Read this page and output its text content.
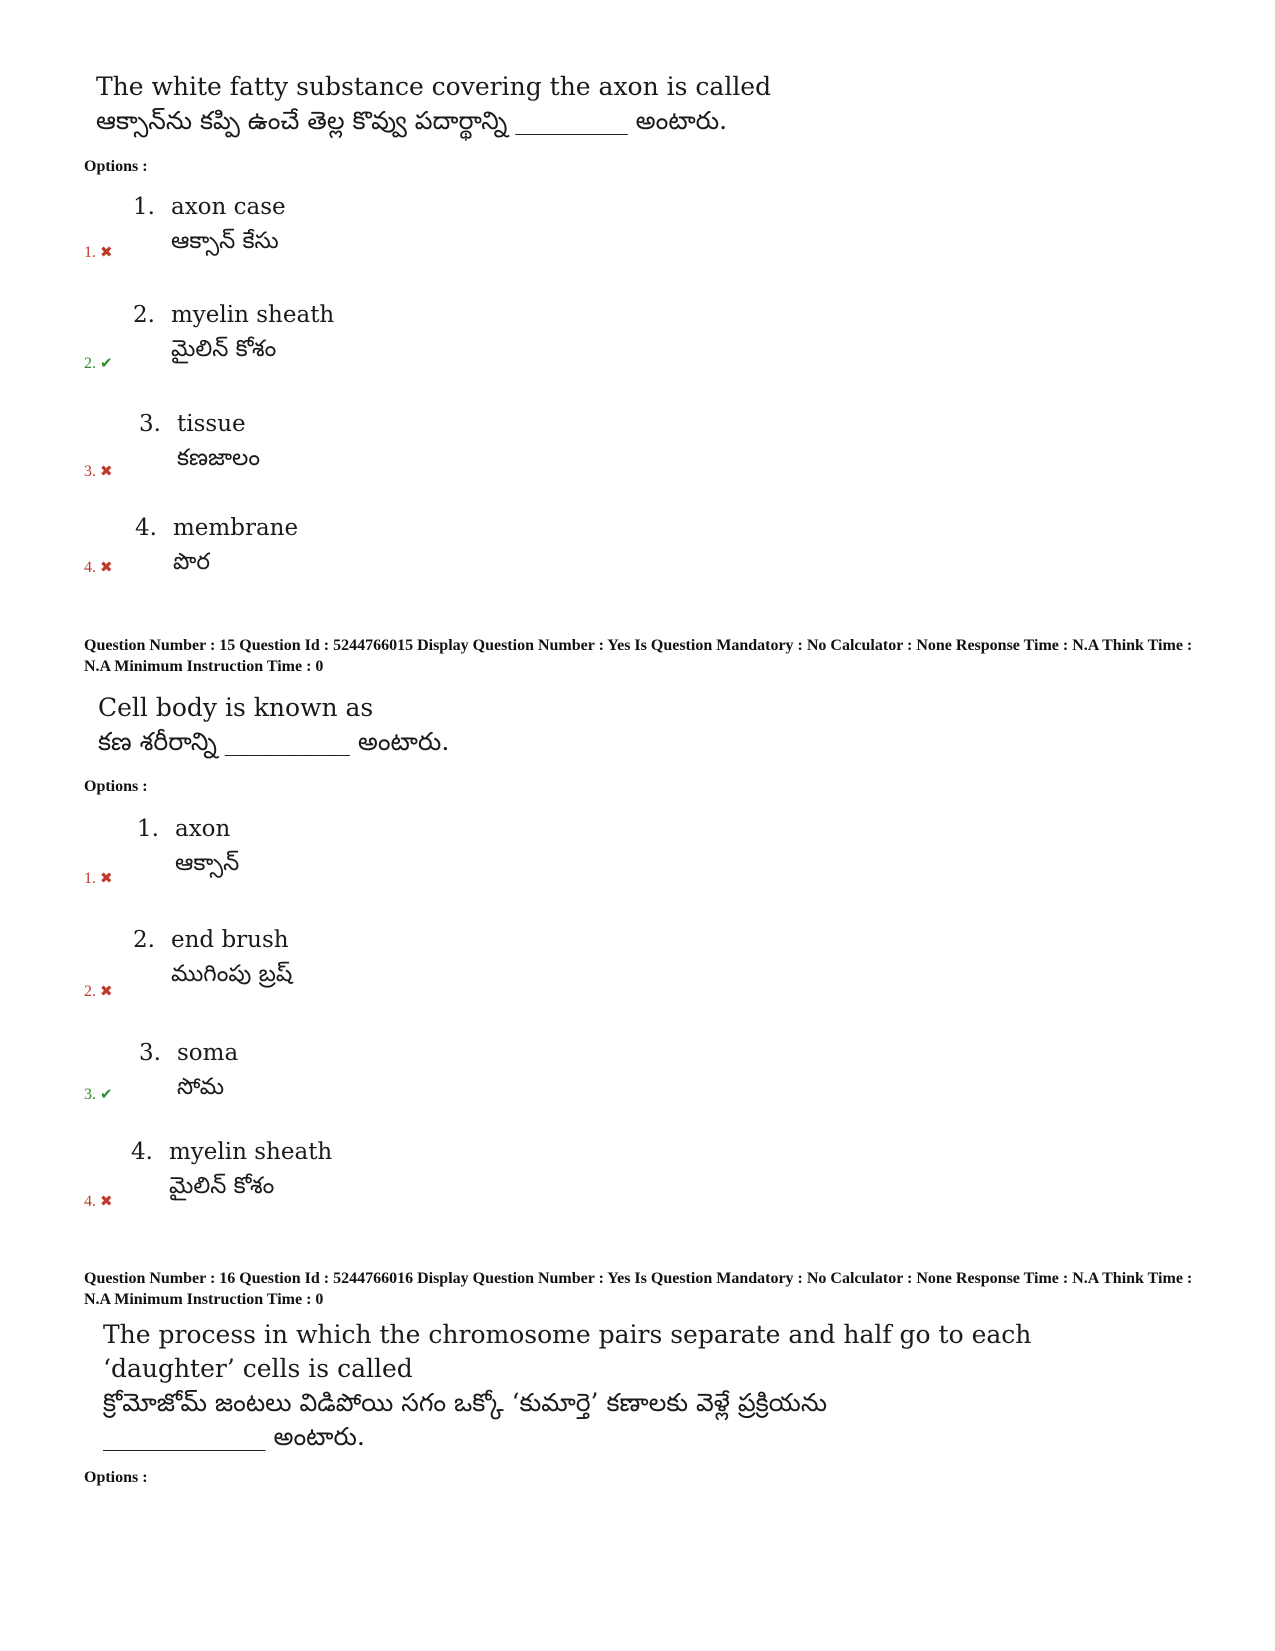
The white fatty substance covering the axon is called
ఆక్సాన్‌ను కప్పి ఉంచే తెల్ల కొవ్వు పదార్థాన్ని _________ అంటారు.
Options :
1. axon case
ఆక్సాన్ కేసు
1. ✖
2. myelin sheath
మైలిన్ కోశం
2. ✔
3. tissue
కణజాలం
3. ✖
4. membrane
పొర
4. ✖
Question Number : 15 Question Id : 5244766015 Display Question Number : Yes Is Question Mandatory : No Calculator : None Response Time : N.A Think Time : N.A Minimum Instruction Time : 0
Cell body is known as
కణ శరీరాన్ని __________ అంటారు.
Options :
1. axon
ఆక్సాన్
1. ✖
2. end brush
ముగింపు బ్రష్
2. ✖
3. soma
సోమ
3. ✔
4. myelin sheath
మైలిన్ కోశం
4. ✖
Question Number : 16 Question Id : 5244766016 Display Question Number : Yes Is Question Mandatory : No Calculator : None Response Time : N.A Think Time : N.A Minimum Instruction Time : 0
The process in which the chromosome pairs separate and half go to each
‘daughter’ cells is called
క్రోమోజోమ్ జంటలు విడిపోయి సగం ఒక్కో ‘కుమార్తె’ కణాలకు వెళ్లే ప్రక్రియను
_____________ అంటారు.
Options :
